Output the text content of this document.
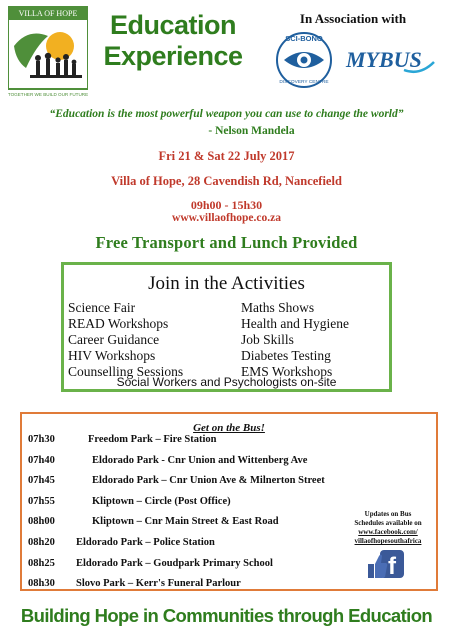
VILLA OF HOPE
TOGETHER WE BUILD OUR FUTURE
Education
Experience
In Association with
SCI-BONO
DISCOVERY CENTRE
MYBUS
“Education is the most powerful weapon you can use to change the world”
- Nelson Mandela
Fri 21 & Sat 22 July 2017
Villa of Hope, 28 Cavendish Rd, Nancefield
09h00 - 15h30
www.villaofhope.co.za
Free Transport and Lunch Provided
Join in the Activities
Science Fair
READ Workshops
Career Guidance
HIV Workshops
Counselling Sessions
Maths Shows
Health and Hygiene
Job Skills
Diabetes Testing
EMS Workshops
Social Workers and Psychologists on-site
Get on the Bus!
07h30	Freedom Park – Fire Station
07h40	Eldorado Park - Cnr Union and Wittenberg Ave
07h45	Eldorado Park – Cnr Union Ave & Milnerton Street
07h55	Kliptown – Circle (Post Office)
08h00	Kliptown – Cnr Main Street & East Road
08h20 Eldorado Park – Police Station
08h25 Eldorado Park – Goudpark Primary School
08h30 Slovo Park – Kerr's Funeral Parlour
Updates on Bus
Schedules available on
www.facebook.com/
villaofhopesouthafrica
f
Building Hope in Communities through Education
